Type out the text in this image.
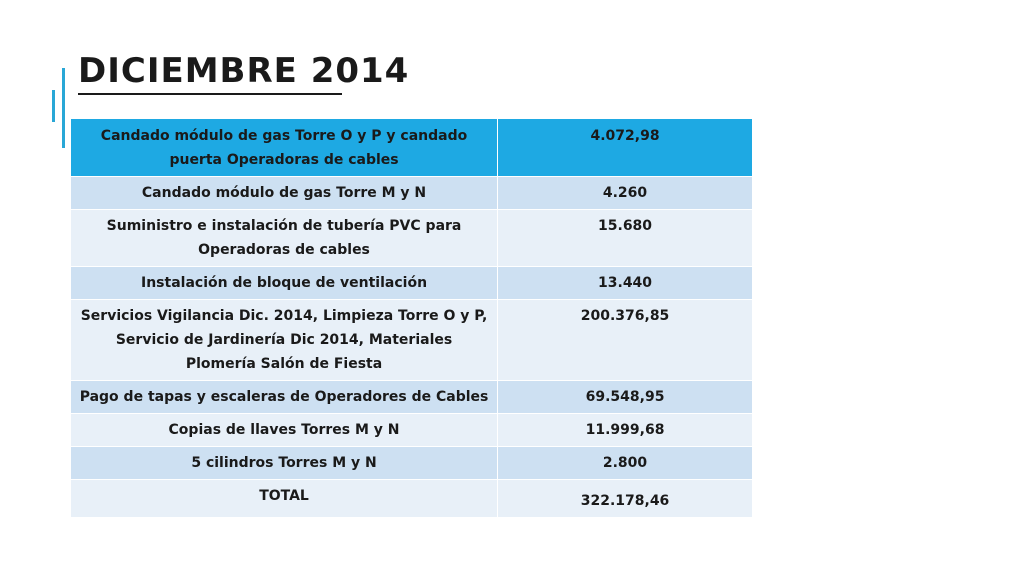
DICIEMBRE 2014
Candado módulo de gas Torre O y P y candado puerta Operadoras de cables	4.072,98
Candado módulo de gas Torre M y N	4.260
Suministro e instalación de tubería PVC para Operadoras de cables	15.680
Instalación de bloque de ventilación	13.440
Servicios Vigilancia Dic. 2014, Limpieza Torre O y P, Servicio de Jardinería Dic 2014, Materiales Plomería Salón de Fiesta	200.376,85
Pago de tapas y escaleras de Operadores de Cables	69.548,95
Copias de llaves Torres M y N	11.999,68
5 cilindros Torres M y N	2.800
TOTAL	322.178,46
